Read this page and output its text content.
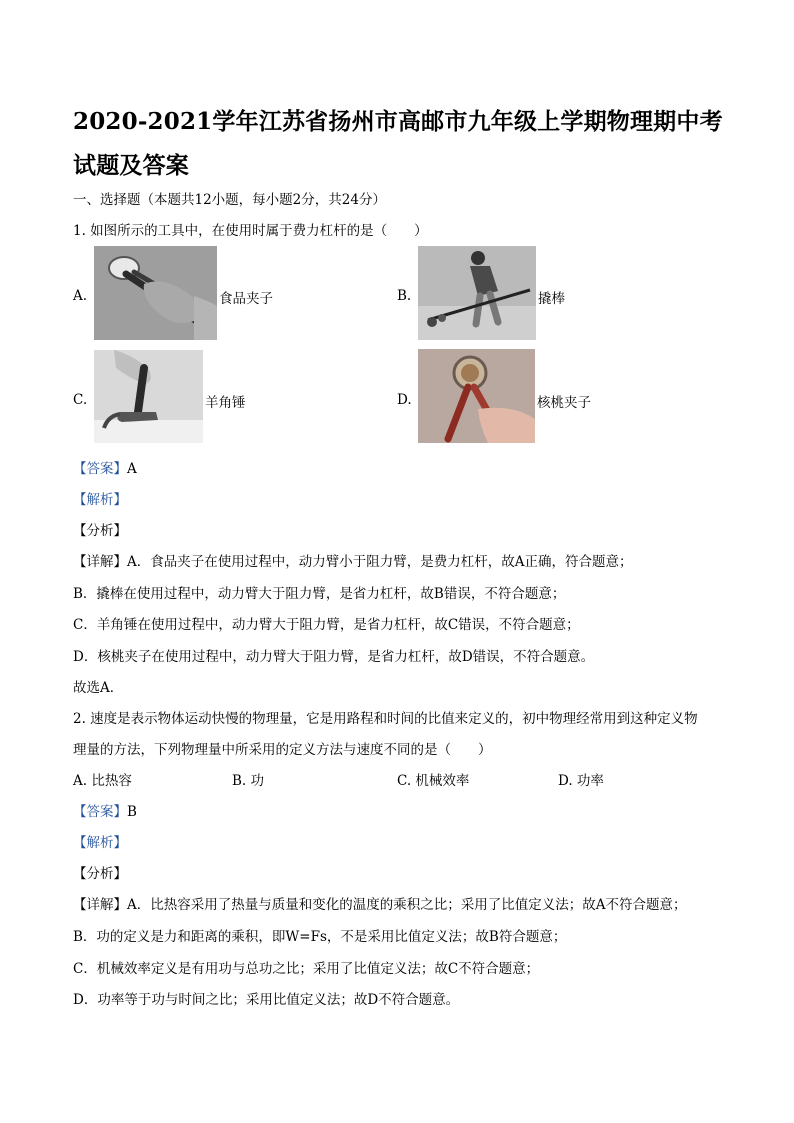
2020-2021学年江苏省扬州市高邮市九年级上学期物理期中考试题及答案
一、选择题（本题共12小题，每小题2分，共24分）
1. 如图所示的工具中，在使用时属于费力杠杆的是（　　）
A.	食品夹子	B.	撬棒
C.	羊角锤	D.	核桃夹子
【答案】A
【解析】
【分析】
【详解】A．食品夹子在使用过程中，动力臂小于阻力臂，是费力杠杆，故A正确，符合题意；
B．撬棒在使用过程中，动力臂大于阻力臂，是省力杠杆，故B错误，不符合题意；
C．羊角锤在使用过程中，动力臂大于阻力臂，是省力杠杆，故C错误，不符合题意；
D．核桃夹子在使用过程中，动力臂大于阻力臂，是省力杠杆，故D错误，不符合题意。
故选A．
2. 速度是表示物体运动快慢的物理量，它是用路程和时间的比值来定义的，初中物理经常用到这种定义物
理量的方法，下列物理量中所采用的定义方法与速度不同的是（　　）
A. 比热容	B. 功	C. 机械效率	D. 功率
【答案】B
【解析】
【分析】
【详解】A．比热容采用了热量与质量和变化的温度的乘积之比；采用了比值定义法；故A不符合题意；
B．功的定义是力和距离的乘积，即W=Fs，不是采用比值定义法；故B符合题意；
C．机械效率定义是有用功与总功之比；采用了比值定义法；故C不符合题意；
D．功率等于功与时间之比；采用比值定义法；故D不符合题意。
